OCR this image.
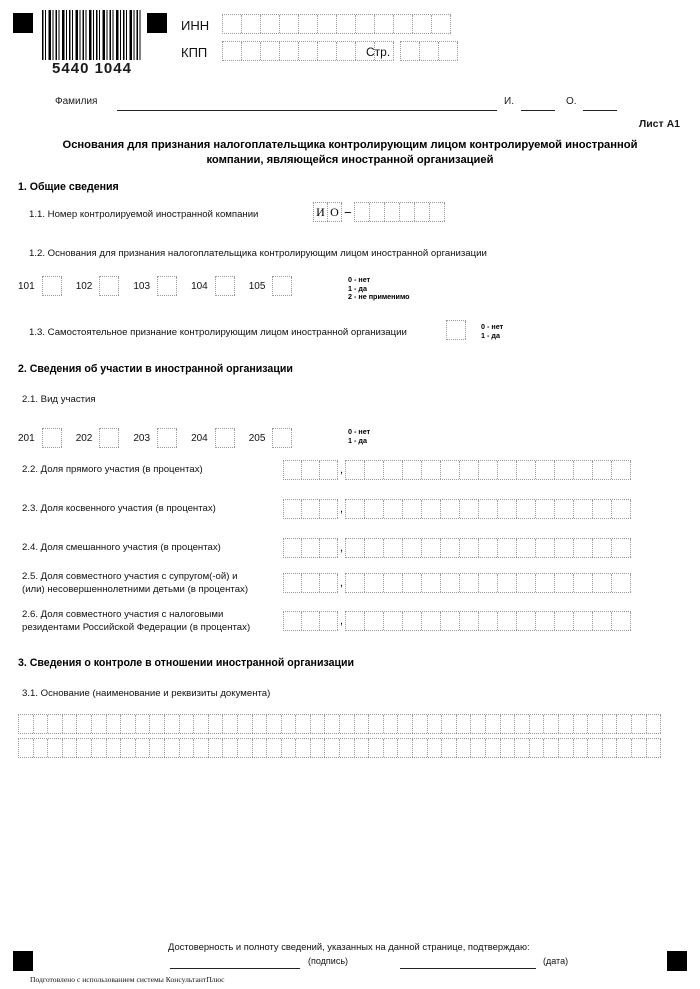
5440 1044
ИНН
КПП	Стр.
Фамилия	И.	О.
Лист А1
Основания для признания налогоплательщика контролирующим лицом контролируемой иностранной компании, являющейся иностранной организацией
1. Общие сведения
1.1. Номер контролируемой иностранной компании	И О −
1.2. Основания для признания налогоплательщика контролирующим лицом иностранной организации
101	102	103	104	105
0 - нет
1 - да
2 - не применимо
1.3. Самостоятельное признание контролирующим лицом иностранной организации
0 - нет
1 - да
2. Сведения об участии в иностранной организации
2.1. Вид участия
201	202	203	204	205
0 - нет
1 - да
2.2. Доля прямого участия (в процентах)	,
2.3. Доля косвенного участия (в процентах)	,
2.4. Доля смешанного участия (в процентах)	,
2.5. Доля совместного участия с супругом(-ой) и
(или) несовершеннолетними детьми (в процентах)
,
2.6. Доля совместного участия с налоговыми
резидентами Российской Федерации (в процентах)
,
3. Сведения о контроле в отношении иностранной организации
3.1. Основание (наименование и реквизиты документа)
Достоверность и полноту сведений, указанных на данной странице, подтверждаю:
(подпись)	(дата)
Подготовлено с использованием системы КонсультантПлюс
